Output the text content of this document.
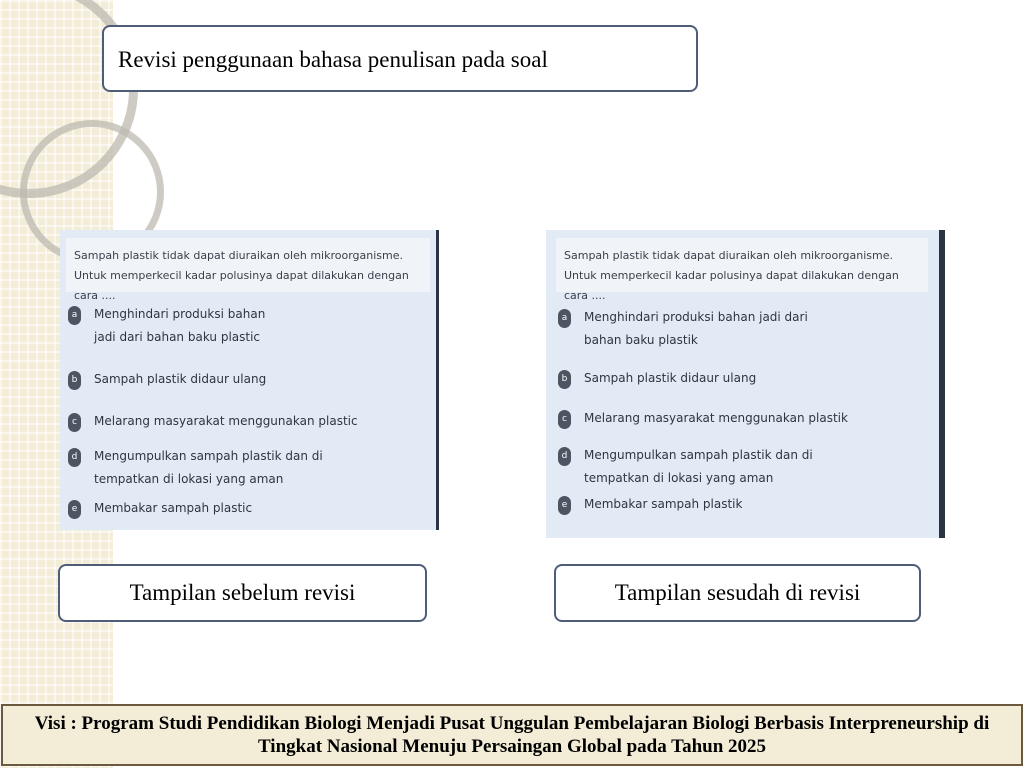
Revisi penggunaan bahasa penulisan pada soal
Sampah plastik tidak dapat diuraikan oleh mikroorganisme. Untuk memperkecil kadar polusinya dapat dilakukan dengan cara ....
a	Menghindari produksi bahan jadi dari bahan baku plastic
b	Sampah plastik didaur ulang
c	Melarang masyarakat menggunakan plastic
d	Mengumpulkan sampah plastik dan di tempatkan di lokasi yang aman
e	Membakar sampah plastic
Sampah plastik tidak dapat diuraikan oleh mikroorganisme. Untuk memperkecil kadar polusinya dapat dilakukan dengan cara ....
a	Menghindari produksi bahan jadi dari bahan baku plastik
b	Sampah plastik didaur ulang
c	Melarang masyarakat menggunakan plastik
d	Mengumpulkan sampah plastik dan di tempatkan di lokasi yang aman
e	Membakar sampah plastik
Tampilan sebelum revisi	Tampilan sesudah di revisi
Visi : Program Studi Pendidikan Biologi Menjadi Pusat Unggulan Pembelajaran Biologi Berbasis Interpreneurship di Tingkat Nasional Menuju Persaingan Global pada Tahun 2025
